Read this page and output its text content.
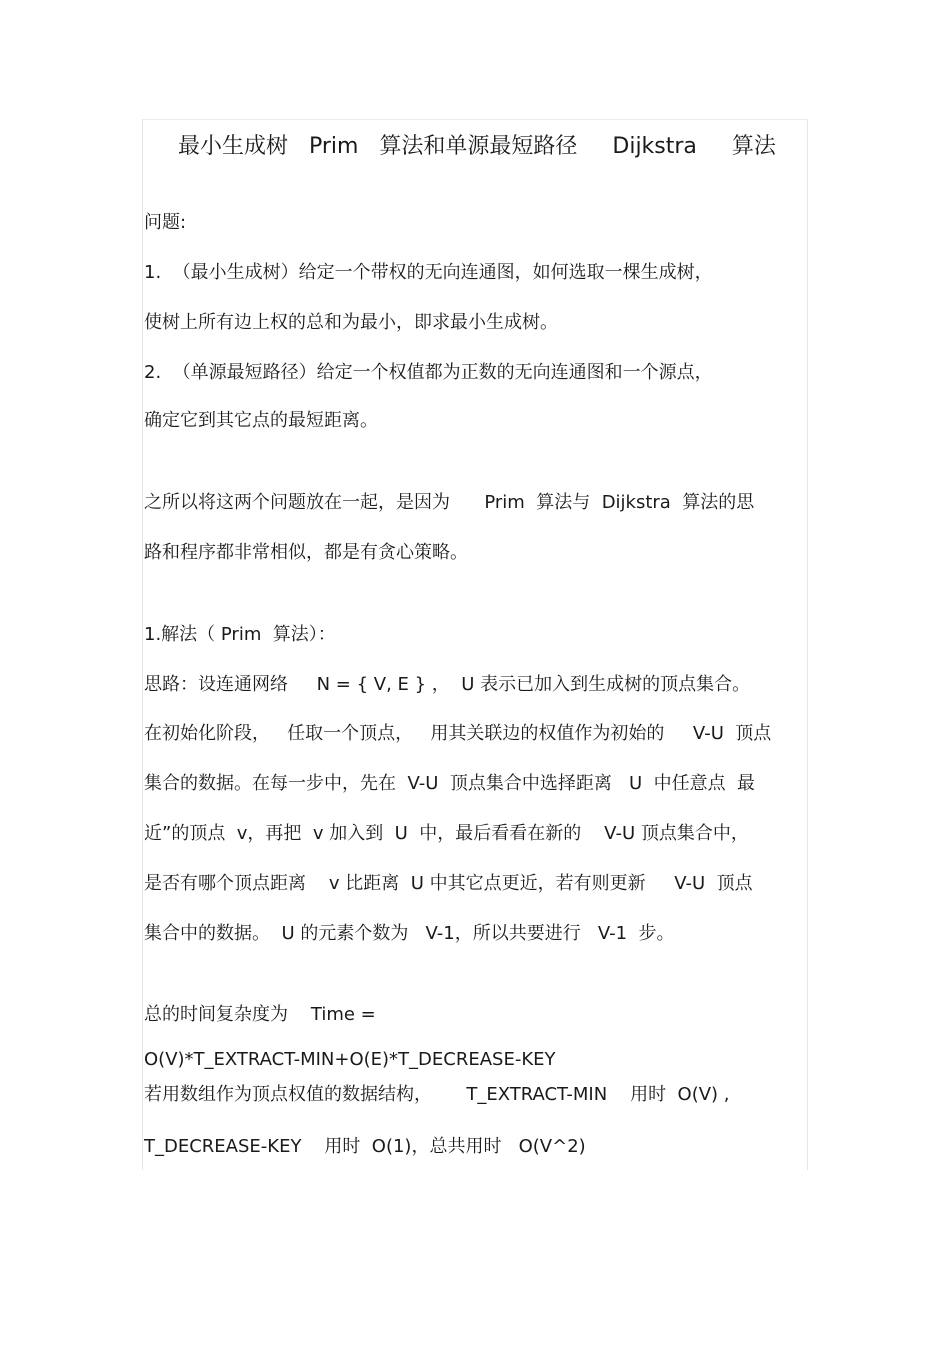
最小生成树   Prim   算法和单源最短路径     Dijkstra     算法
问题:
1.  （最小生成树）给定一个带权的无向连通图，如何选取一棵生成树，
使树上所有边上权的总和为最小，即求最小生成树。
2.  （单源最短路径）给定一个权值都为正数的无向连通图和一个源点，
确定它到其它点的最短距离。
之所以将这两个问题放在一起，是因为      Prim  算法与  Dijkstra  算法的思
路和程序都非常相似，都是有贪心策略。
1.解法（ Prim  算法）：
思路：设连通网络     N = { V, E } ，  U 表示已加入到生成树的顶点集合。
在初始化阶段，   任取一个顶点，   用其关联边的权值作为初始的     V-U  顶点
集合的数据。在每一步中，先在  V-U  顶点集合中选择距离   U  中任意点  最
近”的顶点  v，再把  v 加入到  U  中，最后看看在新的    V-U 顶点集合中，
是否有哪个顶点距离    v 比距离  U 中其它点更近，若有则更新     V-U  顶点
集合中的数据。  U 的元素个数为   V-1，所以共要进行   V-1  步。
总的时间复杂度为    Time =
O(V)*T_EXTRACT-MIN+O(E)*T_DECREASE-KEY
若用数组作为顶点权值的数据结构，      T_EXTRACT-MIN    用时  O(V) ,
T_DECREASE-KEY    用时  O(1)，总共用时   O(V^2)
